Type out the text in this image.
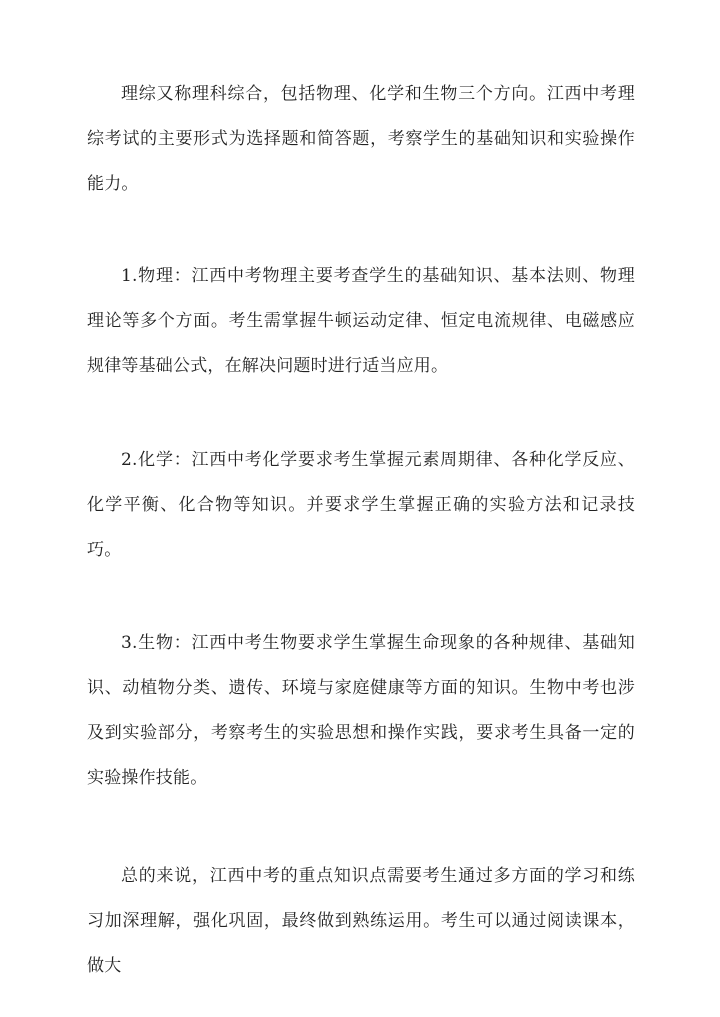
理综又称理科综合，包括物理、化学和生物三个方向。江西中考理综考试的主要形式为选择题和简答题，考察学生的基础知识和实验操作能力。

1.物理：江西中考物理主要考查学生的基础知识、基本法则、物理理论等多个方面。考生需掌握牛顿运动定律、恒定电流规律、电磁感应规律等基础公式，在解决问题时进行适当应用。

2.化学：江西中考化学要求考生掌握元素周期律、各种化学反应、化学平衡、化合物等知识。并要求学生掌握正确的实验方法和记录技巧。

3.生物：江西中考生物要求学生掌握生命现象的各种规律、基础知识、动植物分类、遗传、环境与家庭健康等方面的知识。生物中考也涉及到实验部分，考察考生的实验思想和操作实践，要求考生具备一定的实验操作技能。

总的来说，江西中考的重点知识点需要考生通过多方面的学习和练习加深理解，强化巩固，最终做到熟练运用。考生可以通过阅读课本，做大
